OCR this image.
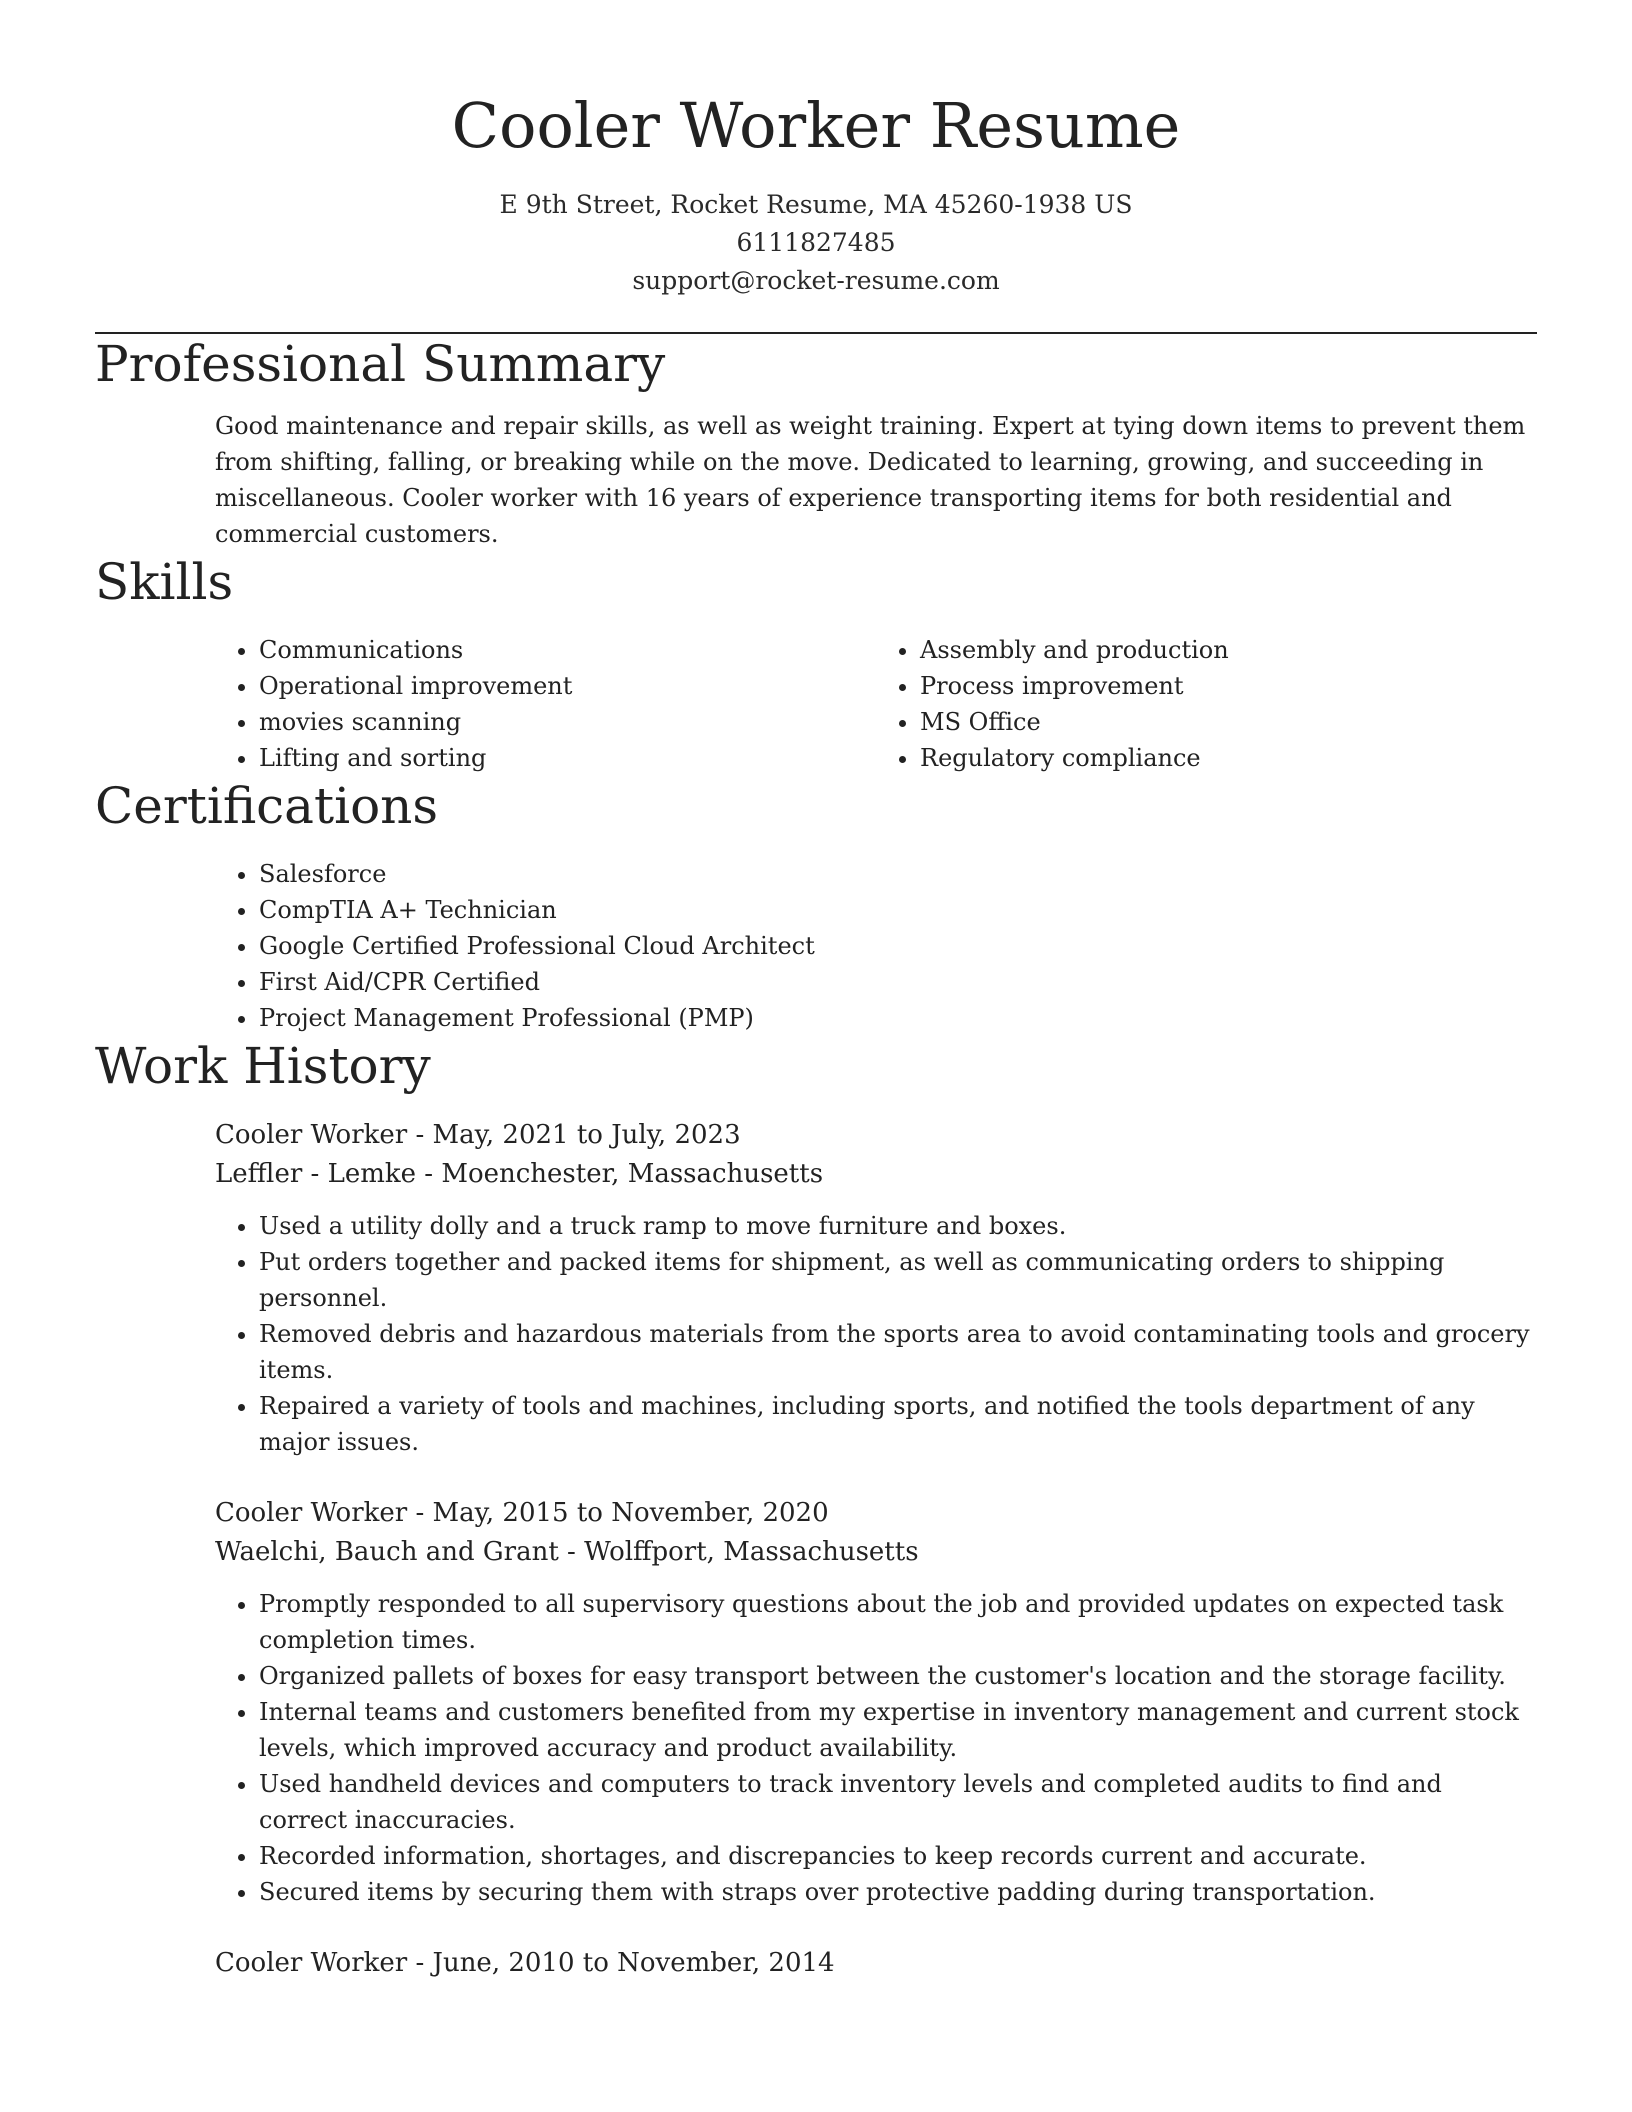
Cooler Worker Resume
E 9th Street, Rocket Resume, MA 45260-1938 US
6111827485
support@rocket-resume.com
Professional Summary
Good maintenance and repair skills, as well as weight training. Expert at tying down items to prevent them from shifting, falling, or breaking while on the move. Dedicated to learning, growing, and succeeding in miscellaneous. Cooler worker with 16 years of experience transporting items for both residential and commercial customers.
Skills
• Communications
• Operational improvement
• movies scanning
• Lifting and sorting
• Assembly and production
• Process improvement
• MS Office
• Regulatory compliance
Certifications
• Salesforce
• CompTIA A+ Technician
• Google Certified Professional Cloud Architect
• First Aid/CPR Certified
• Project Management Professional (PMP)
Work History
Cooler Worker - May, 2021 to July, 2023
Leffler - Lemke - Moenchester, Massachusetts
• Used a utility dolly and a truck ramp to move furniture and boxes.
• Put orders together and packed items for shipment, as well as communicating orders to shipping personnel.
• Removed debris and hazardous materials from the sports area to avoid contaminating tools and grocery items.
• Repaired a variety of tools and machines, including sports, and notified the tools department of any major issues.
Cooler Worker - May, 2015 to November, 2020
Waelchi, Bauch and Grant - Wolffport, Massachusetts
• Promptly responded to all supervisory questions about the job and provided updates on expected task completion times.
• Organized pallets of boxes for easy transport between the customer's location and the storage facility.
• Internal teams and customers benefited from my expertise in inventory management and current stock levels, which improved accuracy and product availability.
• Used handheld devices and computers to track inventory levels and completed audits to find and correct inaccuracies.
• Recorded information, shortages, and discrepancies to keep records current and accurate.
• Secured items by securing them with straps over protective padding during transportation.
Cooler Worker - June, 2010 to November, 2014
